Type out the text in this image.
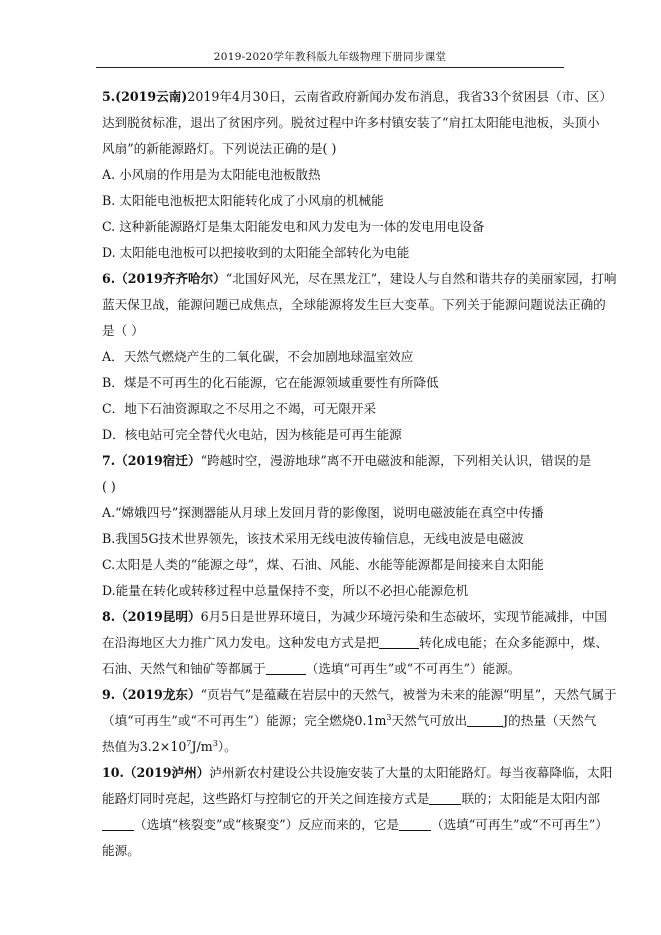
2019-2020学年教科版九年级物理下册同步课堂
5.(2019云南)2019年4月30日，云南省政府新闻办发布消息，我省33个贫困县（市、区）
达到脱贫标准，退出了贫困序列。脱贫过程中许多村镇安装了“肩扛太阳能电池板，头顶小
风扇”的新能源路灯。下列说法正确的是( )
A. 小风扇的作用是为太阳能电池板散热
B. 太阳能电池板把太阳能转化成了小风扇的机械能
C. 这种新能源路灯是集太阳能发电和风力发电为一体的发电用电设备
D. 太阳能电池板可以把接收到的太阳能全部转化为电能
6.（2019齐齐哈尔）“北国好风光，尽在黑龙江”，建设人与自然和谐共存的美丽家园，打响
蓝天保卫战，能源问题已成焦点，全球能源将发生巨大变革。下列关于能源问题说法正确的
是（ ）
A．天然气燃烧产生的二氧化碳，不会加剧地球温室效应
B．煤是不可再生的化石能源，它在能源领域重要性有所降低
C．地下石油资源取之不尽用之不竭，可无限开采
D．核电站可完全替代火电站，因为核能是可再生能源
7.（2019宿迁）“跨越时空，漫游地球”离不开电磁波和能源，下列相关认识，错误的是
( )
A.“嫦娥四号”探测器能从月球上发回月背的影像图，说明电磁波能在真空中传播
B.我国5G技术世界领先，该技术采用无线电波传输信息，无线电波是电磁波
C.太阳是人类的“能源之母”，煤、石油、风能、水能等能源都是间接来自太阳能
D.能量在转化或转移过程中总量保持不变，所以不必担心能源危机
8.（2019昆明）6月5日是世界环境日，为减少环境污染和生态破坏，实现节能减排，中国
在沿海地区大力推广风力发电。这种发电方式是把	转化成电能；在众多能源中，煤、
石油、天然气和铀矿等都属于	（选填“可再生”或“不可再生”）能源。
9.（2019龙东）“页岩气”是蕴藏在岩层中的天然气，被誉为未来的能源“明星”，天然气属于
（填“可再生”或“不可再生”）能源；完全燃烧$0.1m^3$天然气可放出	J的热量（天然气
热值为$3.2\times 10^7J/m^3$）。
10.（2019泸州）泸州新农村建设公共设施安装了大量的太阳能路灯。每当夜幕降临，太阳
能路灯同时亮起，这些路灯与控制它的开关之间连接方式是	联的；太阳能是太阳内部
（选填“核裂变”或“核聚变”）反应而来的，它是	（选填“可再生”或“不可再生”）
能源。
